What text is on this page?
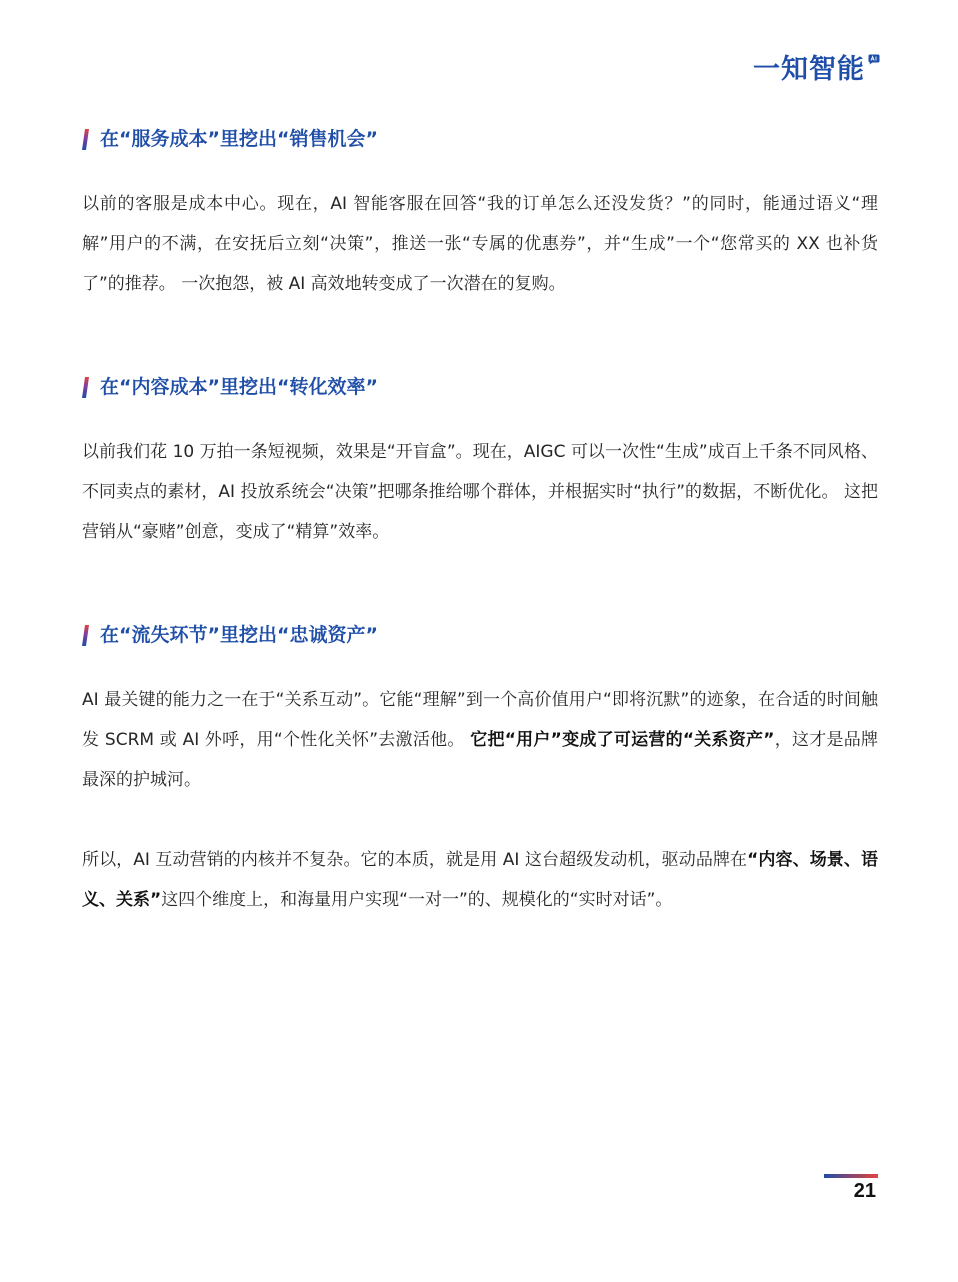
一知智能
在“服务成本”里挖出“销售机会”

以前的客服是成本中心。现在，AI 智能客服在回答“我的订单怎么还没发货？”的同时，能通过语义“理解”用户的不满，在安抚后立刻“决策”，推送一张“专属的优惠券”，并“生成”一个“您常买的 XX 也补货了”的推荐。 一次抱怨，被 AI 高效地转变成了一次潜在的复购。

在“内容成本”里挖出“转化效率”

以前我们花 10 万拍一条短视频，效果是“开盲盒”。现在，AIGC 可以一次性“生成”成百上千条不同风格、不同卖点的素材，AI 投放系统会“决策”把哪条推给哪个群体，并根据实时“执行”的数据，不断优化。 这把营销从“豪赌”创意，变成了“精算”效率。

在“流失环节”里挖出“忠诚资产”

AI 最关键的能力之一在于“关系互动”。它能“理解”到一个高价值用户“即将沉默”的迹象，在合适的时间触发 SCRM 或 AI 外呼，用“个性化关怀”去激活他。 它把“用户”变成了可运营的“关系资产”，这才是品牌最深的护城河。

所以，AI 互动营销的内核并不复杂。它的本质，就是用 AI 这台超级发动机，驱动品牌在“内容、场景、语义、关系”这四个维度上，和海量用户实现“一对一”的、规模化的“实时对话”。

21
